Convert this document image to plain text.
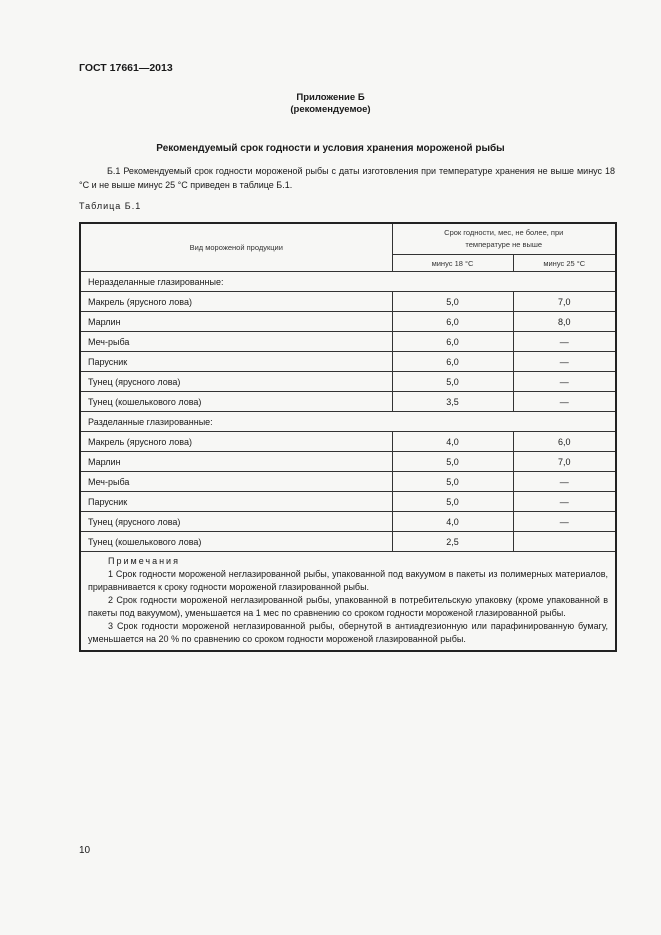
ГОСТ 17661—2013
Приложение Б
(рекомендуемое)
Рекомендуемый срок годности и условия хранения мороженой рыбы
Б.1 Рекомендуемый срок годности мороженой рыбы с даты изготовления при температуре хранения не выше минус 18 °С и не выше минус 25 °С приведен в таблице Б.1.
Таблица Б.1
Вид мороженой продукции	Срок годности, мес, не более, при температуре не выше	
	минус 18 °С	минус 25 °С
Неразделанные глазированные:		
Макрель (ярусного лова)	5,0	7,0
Марлин	6,0	8,0
Меч-рыба	6,0	—
Парусник	6,0	—
Тунец (ярусного лова)	5,0	—
Тунец (кошелькового лова)	3,5	—
Разделанные глазированные:		
Макрель (ярусного лова)	4,0	6,0
Марлин	5,0	7,0
Меч-рыба	5,0	—
Парусник	5,0	—
Тунец (ярусного лова)	4,0	—
Тунец (кошелькового лова)	2,5	

Примечания
1 Срок годности мороженой неглазированной рыбы, упакованной под вакуумом в пакеты из полимерных материалов, приравнивается к сроку годности мороженой глазированной рыбы.
2 Срок годности мороженой неглазированной рыбы, упакованной в потребительскую упаковку (кроме упакованной в пакеты под вакуумом), уменьшается на 1 мес по сравнению со сроком годности мороженой глазированной рыбы.
3 Срок годности мороженой неглазированной рыбы, обернутой в антиадгезионную или парафинированную бумагу, уменьшается на 20 % по сравнению со сроком годности мороженой глазированной рыбы.		
10
